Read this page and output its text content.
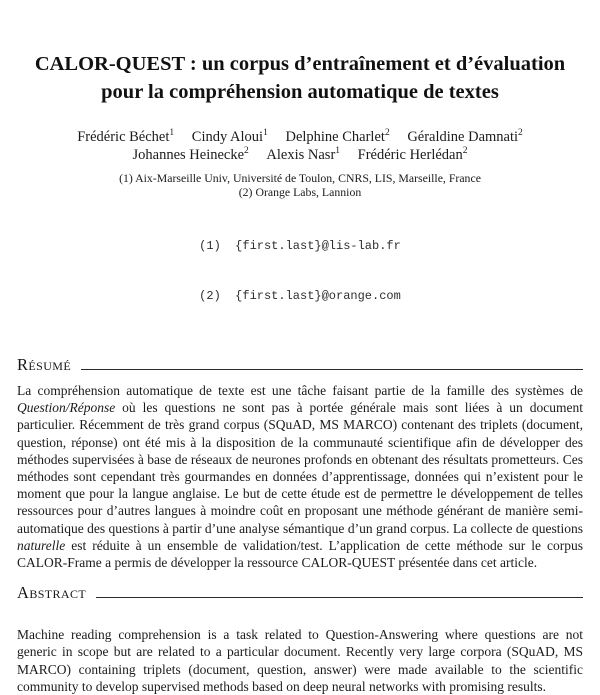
CALOR-QUEST : un corpus d’entraînement et d’évaluation
pour la compréhension automatique de textes
Frédéric Béchet$^1$ Cindy Aloui$^1$ Delphine Charlet$^2$ Géraldine Damnati$^2$
Johannes Heinecke$^2$ Alexis Nasr$^1$ Frédéric Herlédan$^2$
(1) Aix-Marseille Univ, Université de Toulon, CNRS, LIS, Marseille, France
(2) Orange Labs, Lannion

(1)  {first.last}@lis-lab.fr

(2)  {first.last}@orange.com

Résumé

La compréhension automatique de texte est une tâche faisant partie de la famille des systèmes de Question/Réponse où les questions ne sont pas à portée générale mais sont liées à un document particulier. Récemment de très grand corpus (SQuAD, MS MARCO) contenant des triplets (document, question, réponse) ont été mis à la disposition de la communauté scientifique afin de développer des méthodes supervisées à base de réseaux de neurones profonds en obtenant des résultats prometteurs. Ces méthodes sont cependant très gourmandes en données d’apprentissage, données qui n’existent pour le moment que pour la langue anglaise. Le but de cette étude est de permettre le développement de telles ressources pour d’autres langues à moindre coût en proposant une méthode générant de manière semi-automatique des questions à partir d’une analyse sémantique d’un grand corpus. La collecte de questions naturelle est réduite à un ensemble de validation/test. L’application de cette méthode sur le corpus CALOR-Frame a permis de développer la ressource CALOR-QUEST présentée dans cet article.

Abstract

Machine reading comprehension is a task related to Question-Answering where questions are not generic in scope but are related to a particular document. Recently very large corpora (SQuAD, MS MARCO) containing triplets (document, question, answer) were made available to the scientific community to develop supervised methods based on deep neural networks with promising results.
